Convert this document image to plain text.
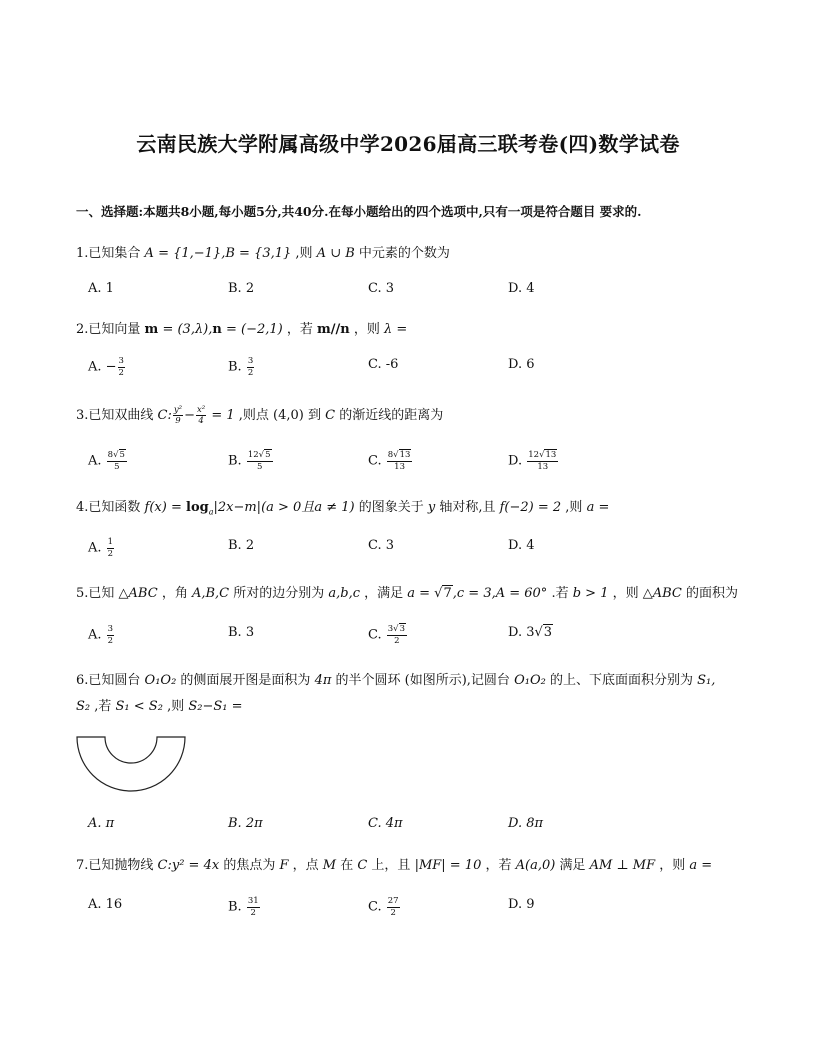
云南民族大学附属高级中学2026届高三联考卷(四)数学试卷
一、选择题:本题共8小题,每小题5分,共40分.在每小题给出的四个选项中,只有一项是符合题目 要求的.
1.已知集合 A = {1,−1},B = {3,1} ,则 A ∪ B 中元素的个数为
A. 1	B. 2	C. 3	D. 4
2.已知向量 m = (3,λ),n = (−2,1) ，若 m//n ，则 λ =
A. − $\frac{3}{2}$	B. $\frac{3}{2}$	C. -6	D. 6
3.已知双曲线 C: $\frac{\text{y²}}{9} - \frac{\text{x²}}{4} = 1$ ,则点 (4,0) 到 C 的渐近线的距离为
A. $\frac{8√5}{5}$	B. $\frac{12√5}{5}$	C. $\frac{8√13}{13}$	D. $\frac{12√13}{13}$
4.已知函数 $f(x) = \log_a|2x-m|(a > 0$且a ≠ 1) 的图象关于 y 轴对称,且 f(−2) = 2 ,则 a =
A. $\frac{1}{2}$	B. 2	C. 3	D. 4
5.已知 △ABC ，角 A,B,C 所对的边分别为 a,b,c ，满足 a = √7,c = 3,A = 60° .若 b > 1 ，则 △ABC 的面积为
A. $\frac{3}{2}$	B. 3	C. $\frac{3√3}{2}$	D. 3√3
6.已知圆台 O₁O₂ 的侧面展开图是面积为 4π 的半个圆环 (如图所示),记圆台 O₁O₂ 的上、下底面面积分别为 S₁,
S₂ ,若 S₁ < S₂ ,则 S₂−S₁ =
A. π	B. 2π	C. 4π	D. 8π
7.已知抛物线 C:y² = 4x 的焦点为 F ，点 M 在 C 上，且 |MF| = 10 ，若 A(a,0) 满足 AM ⊥ MF ，则 a =
A. 16	B. $\frac{31}{2}$	C. $\frac{27}{2}$	D. 9
